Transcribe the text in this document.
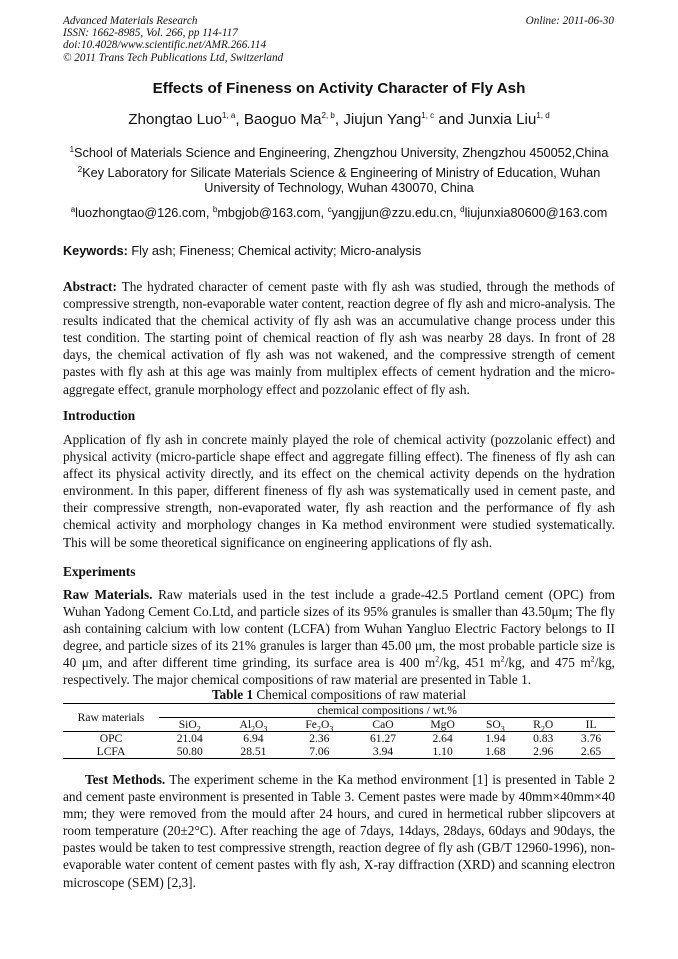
Advanced Materials Research
ISSN: 1662-8985, Vol. 266, pp 114-117
doi:10.4028/www.scientific.net/AMR.266.114
© 2011 Trans Tech Publications Ltd, Switzerland
Online: 2011-06-30
Effects of Fineness on Activity Character of Fly Ash
Zhongtao Luo$^{1, a}$, Baoguo Ma$^{2, b}$, Jiujun Yang$^{1, c}$ and Junxia Liu$^{1, d}$
$^1$School of Materials Science and Engineering, Zhengzhou University, Zhengzhou 450052,China
$^2$Key Laboratory for Silicate Materials Science & Engineering of Ministry of Education, Wuhan University of Technology, Wuhan 430070, China
$^a$luozhongtao@126.com, $^b$mbgjob@163.com, $^c$yangjjun@zzu.edu.cn, $^d$liujunxia80600@163.com
Keywords: Fly ash; Fineness; Chemical activity; Micro-analysis
Abstract: The hydrated character of cement paste with fly ash was studied, through the methods of compressive strength, non-evaporable water content, reaction degree of fly ash and micro-analysis. The results indicated that the chemical activity of fly ash was an accumulative change process under this test condition. The starting point of chemical reaction of fly ash was nearby 28 days. In front of 28 days, the chemical activation of fly ash was not wakened, and the compressive strength of cement pastes with fly ash at this age was mainly from multiplex effects of cement hydration and the micro-aggregate effect, granule morphology effect and pozzolanic effect of fly ash.
Introduction
Application of fly ash in concrete mainly played the role of chemical activity (pozzolanic effect) and physical activity (micro-particle shape effect and aggregate filling effect). The fineness of fly ash can affect its physical activity directly, and its effect on the chemical activity depends on the hydration environment. In this paper, different fineness of fly ash was systematically used in cement paste, and their compressive strength, non-evaporated water, fly ash reaction and the performance of fly ash chemical activity and morphology changes in Ka method environment were studied systematically. This will be some theoretical significance on engineering applications of fly ash.
Experiments
Raw Materials. Raw materials used in the test include a grade-42.5 Portland cement (OPC) from Wuhan Yadong Cement Co.Ltd, and particle sizes of its 95% granules is smaller than 43.50μm; The fly ash containing calcium with low content (LCFA) from Wuhan Yangluo Electric Factory belongs to II degree, and particle sizes of its 21% granules is larger than 45.00 μm, the most probable particle size is 40 μm, and after different time grinding, its surface area is 400 $m^2/kg$, 451 $m^2/kg$, and 475 $m^2/kg$, respectively. The major chemical compositions of raw material are presented in Table 1.
Table 1 Chemical compositions of raw material
Raw materials	chemical compositions / wt.%							
	SiO$_2$	$Al_2O_3$	$Fe_2O_3$	CaO	MgO	$SO_3$	$R_2O$	IL
OPC	21.04	6.94	2.36	61.27	2.64	1.94	0.83	3.76
LCFA	50.80	28.51	7.06	3.94	1.10	1.68	2.96	2.65
Test Methods. The experiment scheme in the Ka method environment [1] is presented in Table 2 and cement paste environment is presented in Table 3. Cement pastes were made by 40mm×40mm×40 mm; they were removed from the mould after 24 hours, and cured in hermetical rubber slipcovers at room temperature (20±2°C). After reaching the age of 7days, 14days, 28days, 60days and 90days, the pastes would be taken to test compressive strength, reaction degree of fly ash (GB/T 12960-1996), non-evaporable water content of cement pastes with fly ash, X-ray diffraction (XRD) and scanning electron microscope (SEM) [2,3].
